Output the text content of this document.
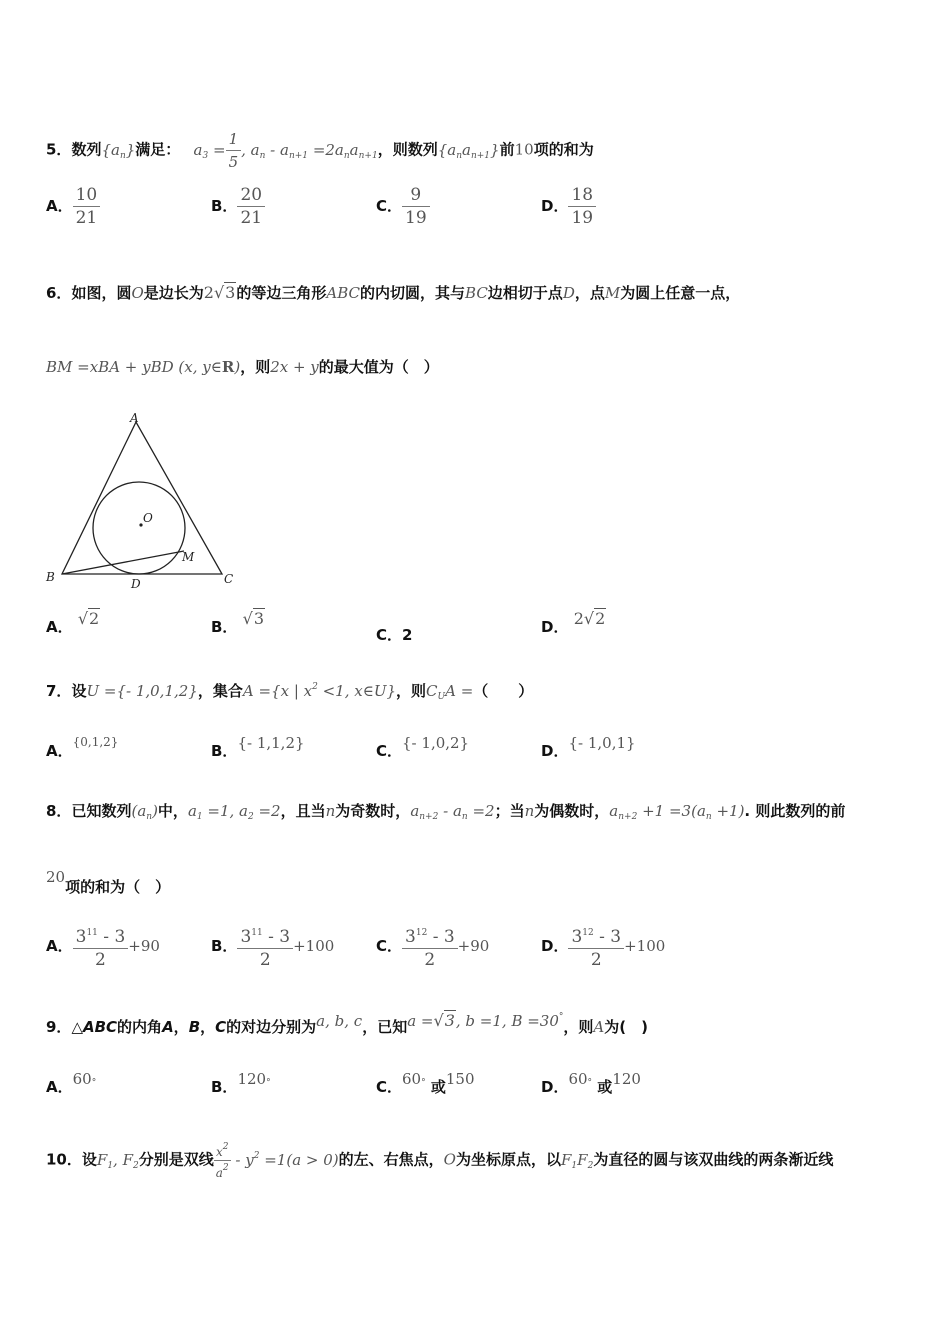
5．数列$\{a_n\}$满足： $a_3 = \frac{1}{5}$ , $a_n - a_{n+1} =2a_na_{n+1}$，则数列$\{a_na_{n+1}\}$前10项的和为
A． $\frac{10}{21}$	B． $\frac{20}{21}$	C． $\frac{9}{19}$	D． $\frac{18}{19}$
6．如图，圆O是边长为2√3的等边三角形ABC的内切圆，其与BC边相切于点D，点M为圆上任意一点，
BM =xBA + yBD (x, y∈R)，则2x + y的最大值为（　）
A
B	C
D
O
M
A． √2	B． √3
C．2	D． 2√2
7．设U ={- 1,0,1,2}，集合A ={x | $x^2 <1$, x∈U}，则$C_UA$ =（　　）
A．$^{\{0,1,2\}}$	B．{- 1,1,2}	C．{- 1,0,2}	D．{- 1,0,1}
8．已知数列$(a_n)$中，$a_1 =1$, $a_2 =2$，且当n为奇数时，$a_{n+2} - a_n =2$；当n为偶数时，$a_{n+2} +1 =3(a_n +1)$. 则此数列的前
20项的和为（　）
A． $\frac{3^{11} - 3}{2} +90$	B． $\frac{3^{11} - 3}{2} +100$	C． $\frac{3^{12} - 3}{2} +90$	D． $\frac{3^{12} - 3}{2} +100$
9．△ABC的内角A，B，C的对边分别为a, b, c，已知a =√3, b =1, B =30°，则A为(　)
A．60°	B．120°	C．60° 或150	D．60° 或120
10．设$F_1$, $F_2$分别是双线 $\frac{x^2}{a^2} - y^2 =1(a > 0)$的左、右焦点，O为坐标原点，以$F_1F_2$为直径的圆与该双曲线的两条渐近线
